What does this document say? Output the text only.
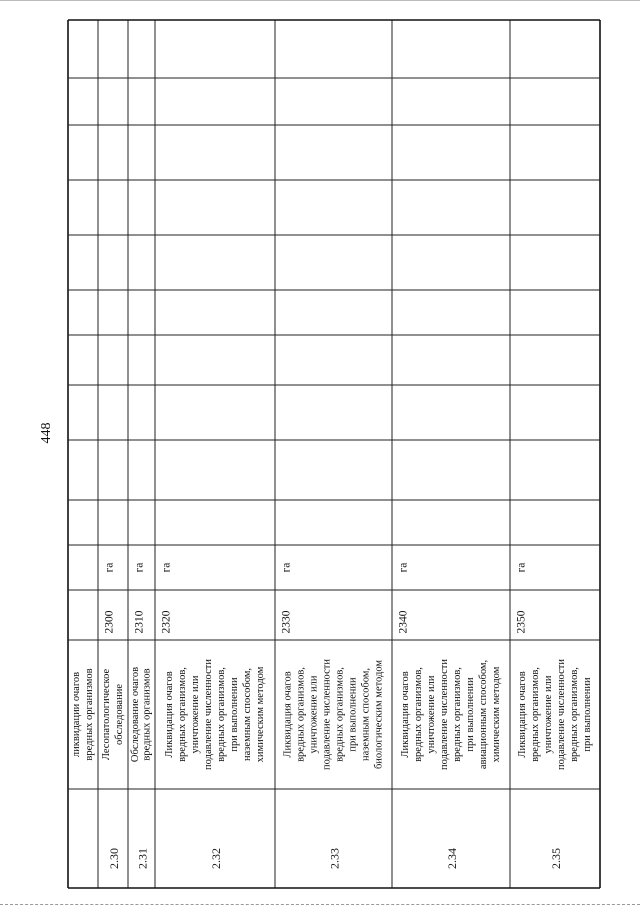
448
ликвидации очагов вредных организмов
2.30
Лесопатологическое обследование
2300
га
2.31
Обследование очагов вредных организмов
2310
га
2.32
Ликвидация очагов вредных организмов, уничтожение или подавление численности вредных организмов, при выполнении наземным способом, химическим методом
2320
га
2.33
Ликвидация очагов вредных организмов, уничтожение или подавление численности вредных организмов, при выполнении наземным способом, биологическим методом
2330
га
2.34
Ликвидация очагов вредных организмов, уничтожение или подавление численности вредных организмов, при выполнении авиационным способом, химическим методом
2340
га
2.35
Ликвидация очагов вредных организмов, уничтожение или подавление численности вредных организмов, при выполнении
2350
га
